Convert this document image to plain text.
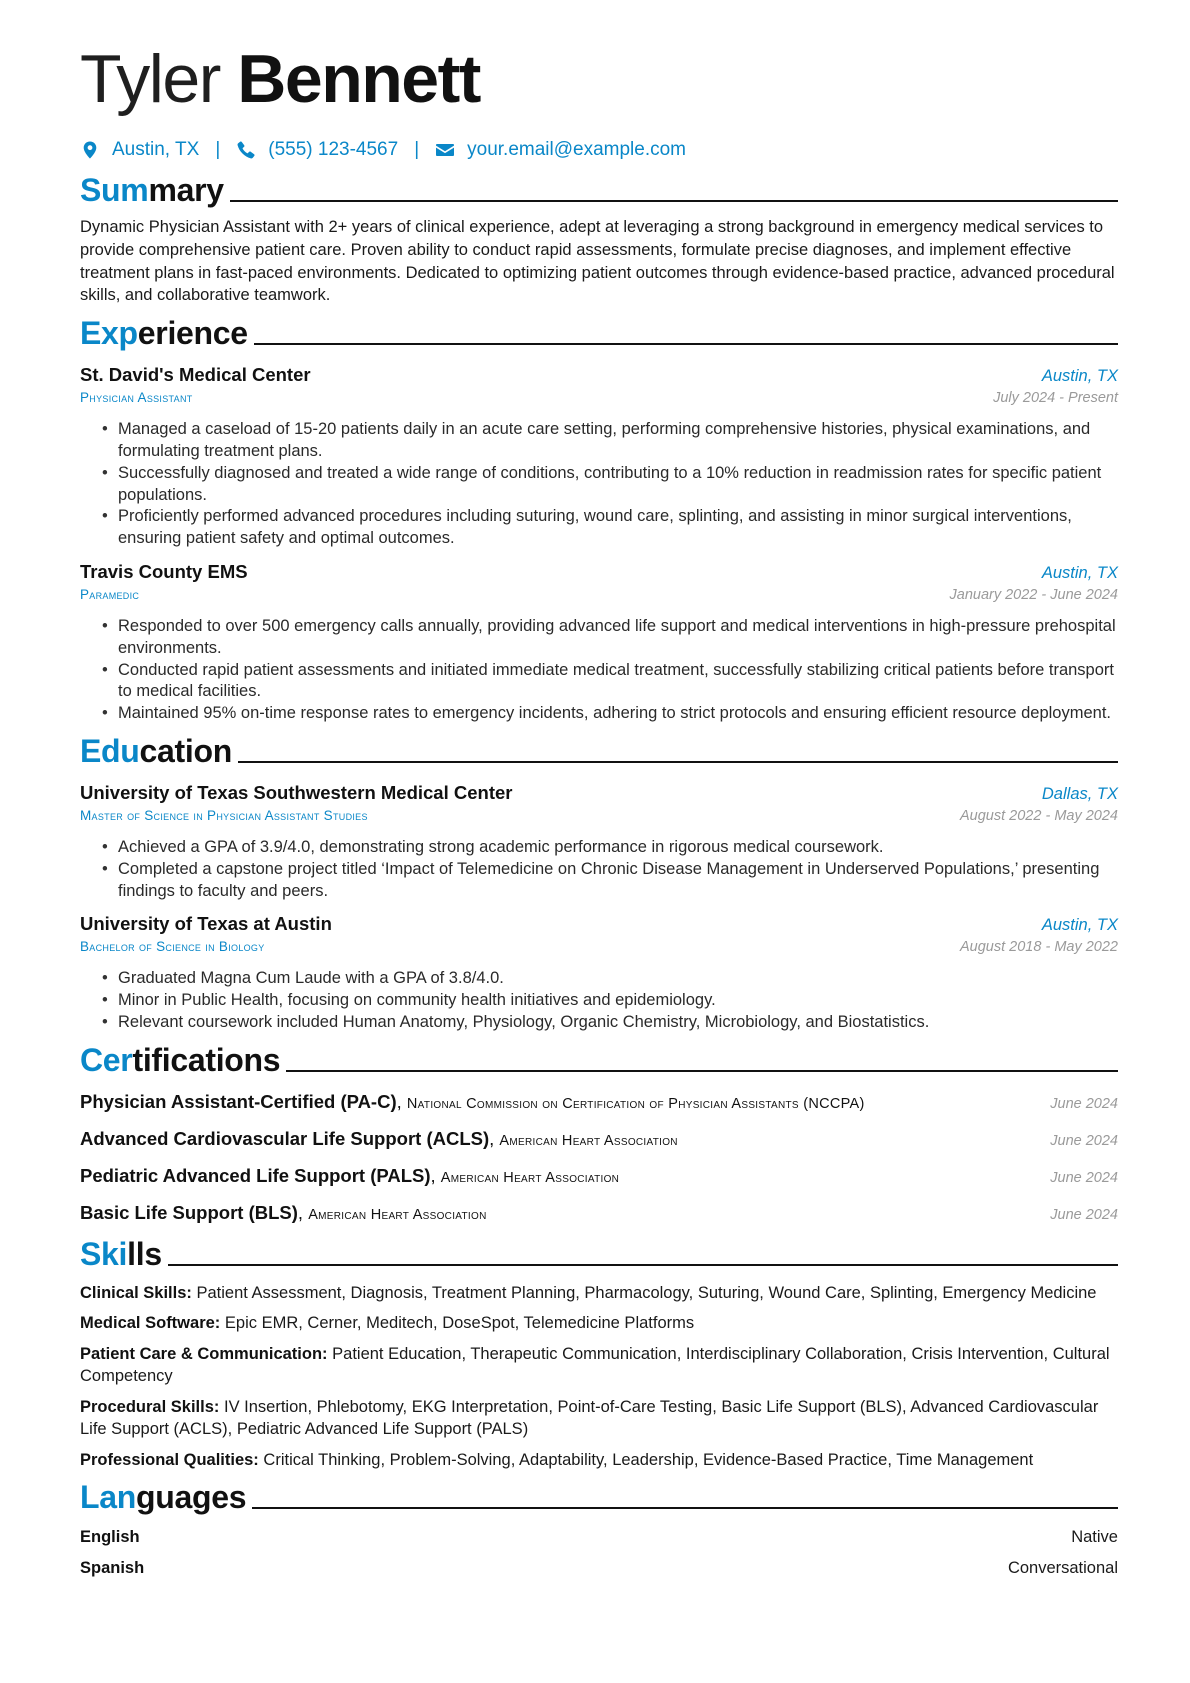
Tyler Bennett
Austin, TX |	(555) 123-4567 |	your.email@example.com
Summary

Dynamic Physician Assistant with 2+ years of clinical experience, adept at leveraging a strong background in emergency medical services to provide comprehensive patient care. Proven ability to conduct rapid assessments, formulate precise diagnoses, and implement effective treatment plans in fast-paced environments. Dedicated to optimizing patient outcomes through evidence-based practice, advanced procedural skills, and collaborative teamwork.

Experience
St. David's Medical Center	Austin, TX
Physician Assistant	July 2024 - Present
• Managed a caseload of 15-20 patients daily in an acute care setting, performing comprehensive histories, physical examinations, and formulating treatment plans.
• Successfully diagnosed and treated a wide range of conditions, contributing to a 10% reduction in readmission rates for specific patient populations.
• Proficiently performed advanced procedures including suturing, wound care, splinting, and assisting in minor surgical interventions, ensuring patient safety and optimal outcomes.
Travis County EMS	Austin, TX
Paramedic	January 2022 - June 2024
• Responded to over 500 emergency calls annually, providing advanced life support and medical interventions in high-pressure prehospital environments.
• Conducted rapid patient assessments and initiated immediate medical treatment, successfully stabilizing critical patients before transport to medical facilities.
• Maintained 95% on-time response rates to emergency incidents, adhering to strict protocols and ensuring efficient resource deployment.
Education
University of Texas Southwestern Medical Center	Dallas, TX
Master of Science in Physician Assistant Studies	August 2022 - May 2024
• Achieved a GPA of 3.9/4.0, demonstrating strong academic performance in rigorous medical coursework.
• Completed a capstone project titled ‘Impact of Telemedicine on Chronic Disease Management in Underserved Populations,’ presenting findings to faculty and peers.
University of Texas at Austin	Austin, TX
Bachelor of Science in Biology	August 2018 - May 2022
• Graduated Magna Cum Laude with a GPA of 3.8/4.0.
• Minor in Public Health, focusing on community health initiatives and epidemiology.
• Relevant coursework included Human Anatomy, Physiology, Organic Chemistry, Microbiology, and Biostatistics.
Certifications
Physician Assistant-Certified (PA-C), National Commission on Certification of Physician Assistants (NCCPA)	June 2024
Advanced Cardiovascular Life Support (ACLS), American Heart Association	June 2024
Pediatric Advanced Life Support (PALS), American Heart Association	June 2024
Basic Life Support (BLS), American Heart Association	June 2024
Skills
Clinical Skills: Patient Assessment, Diagnosis, Treatment Planning, Pharmacology, Suturing, Wound Care, Splinting, Emergency Medicine
Medical Software: Epic EMR, Cerner, Meditech, DoseSpot, Telemedicine Platforms
Patient Care & Communication: Patient Education, Therapeutic Communication, Interdisciplinary Collaboration, Crisis Intervention, Cultural Competency
Procedural Skills: IV Insertion, Phlebotomy, EKG Interpretation, Point-of-Care Testing, Basic Life Support (BLS), Advanced Cardiovascular Life Support (ACLS), Pediatric Advanced Life Support (PALS)
Professional Qualities: Critical Thinking, Problem-Solving, Adaptability, Leadership, Evidence-Based Practice, Time Management
Languages
English	Native
Spanish	Conversational
